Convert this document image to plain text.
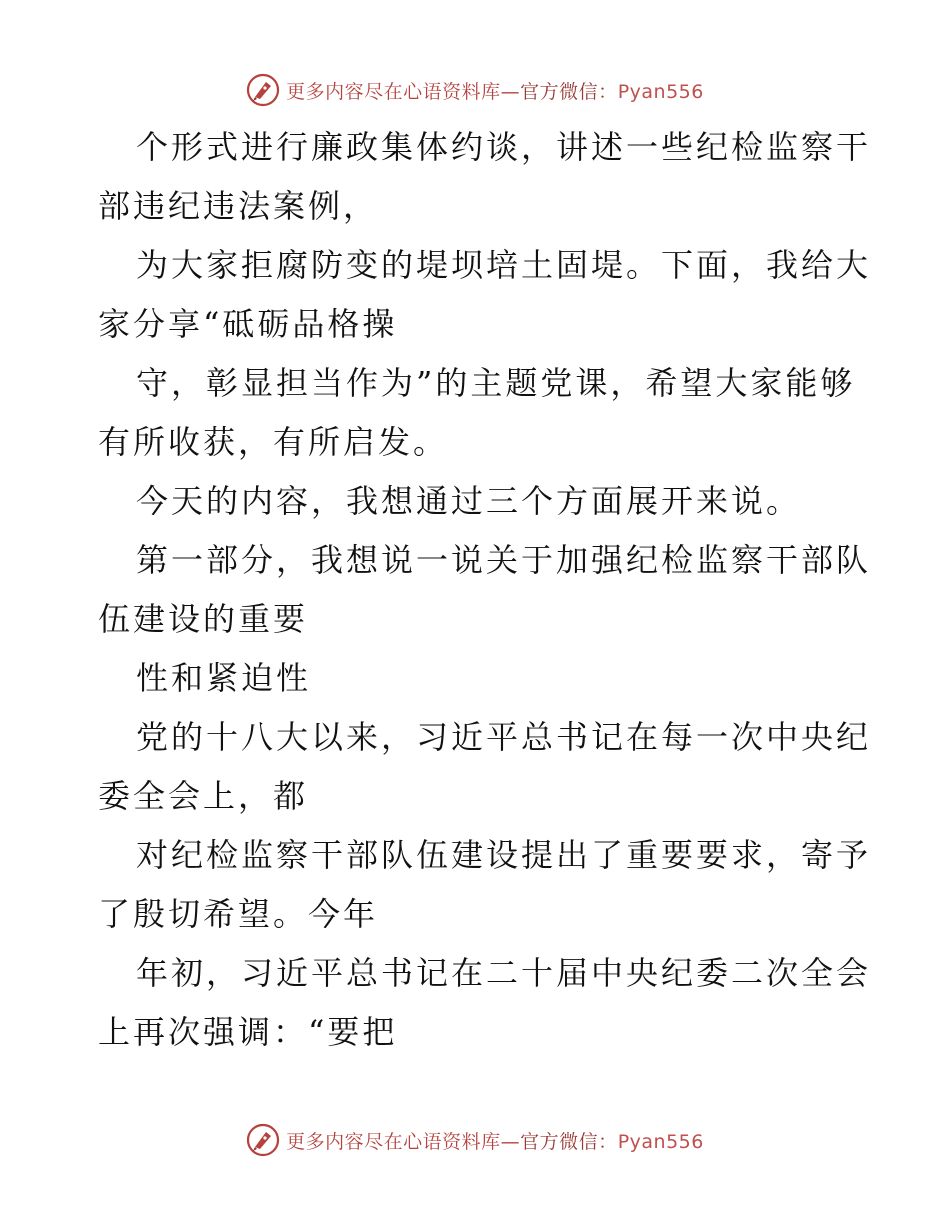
更多内容尽在心语资料库—官方微信：Pyan556
个形式进行廉政集体约谈，讲述一些纪检监察干
部违纪违法案例，
为大家拒腐防变的堤坝培土固堤。下面，我给大
家分享“砥砺品格操
守，彰显担当作为”的主题党课，希望大家能够
有所收获，有所启发。
今天的内容，我想通过三个方面展开来说。
第一部分，我想说一说关于加强纪检监察干部队
伍建设的重要
性和紧迫性
党的十八大以来，习近平总书记在每一次中央纪
委全会上，都
对纪检监察干部队伍建设提出了重要要求，寄予
了殷切希望。今年
年初，习近平总书记在二十届中央纪委二次全会
上再次强调：“要把
更多内容尽在心语资料库—官方微信：Pyan556
